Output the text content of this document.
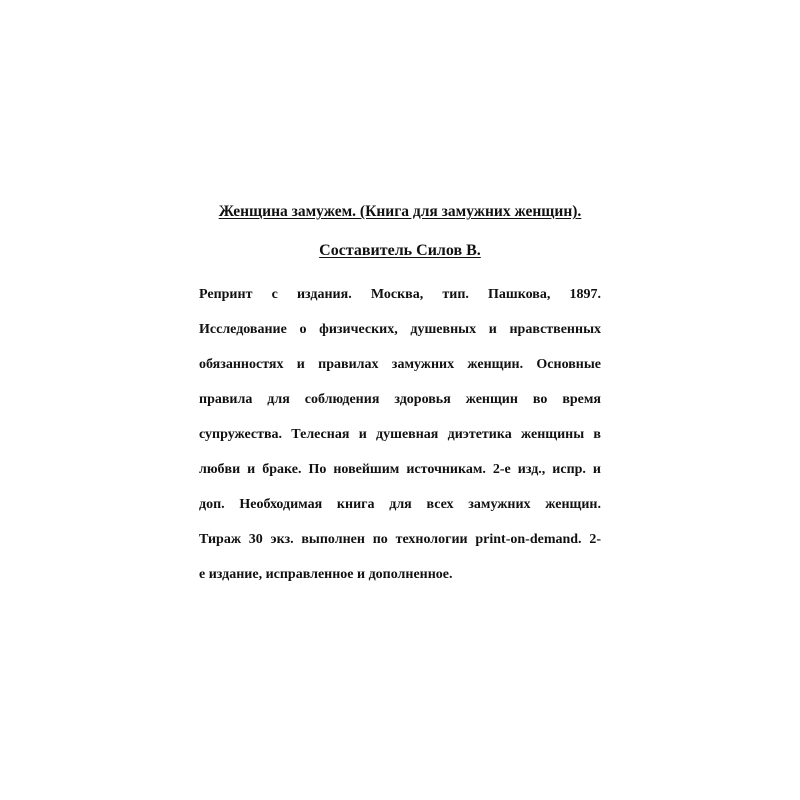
Женщина замужем. (Книга для замужних женщин).
Составитель Силов В.
Репринт с издания. Москва, тип. Пашкова, 1897.
Исследование о физических, душевных и нравственных
обязанностях и правилах замужних женщин. Основные
правила для соблюдения здоровья женщин во время
супружества. Телесная и душевная диэтетика женщины в
любви и браке. По новейшим источникам. 2-е изд., испр. и
доп. Необходимая книга для всех замужних женщин.
Тираж 30 экз. выполнен по технологии print-on-demand. 2-
е издание, исправленное и дополненное.
